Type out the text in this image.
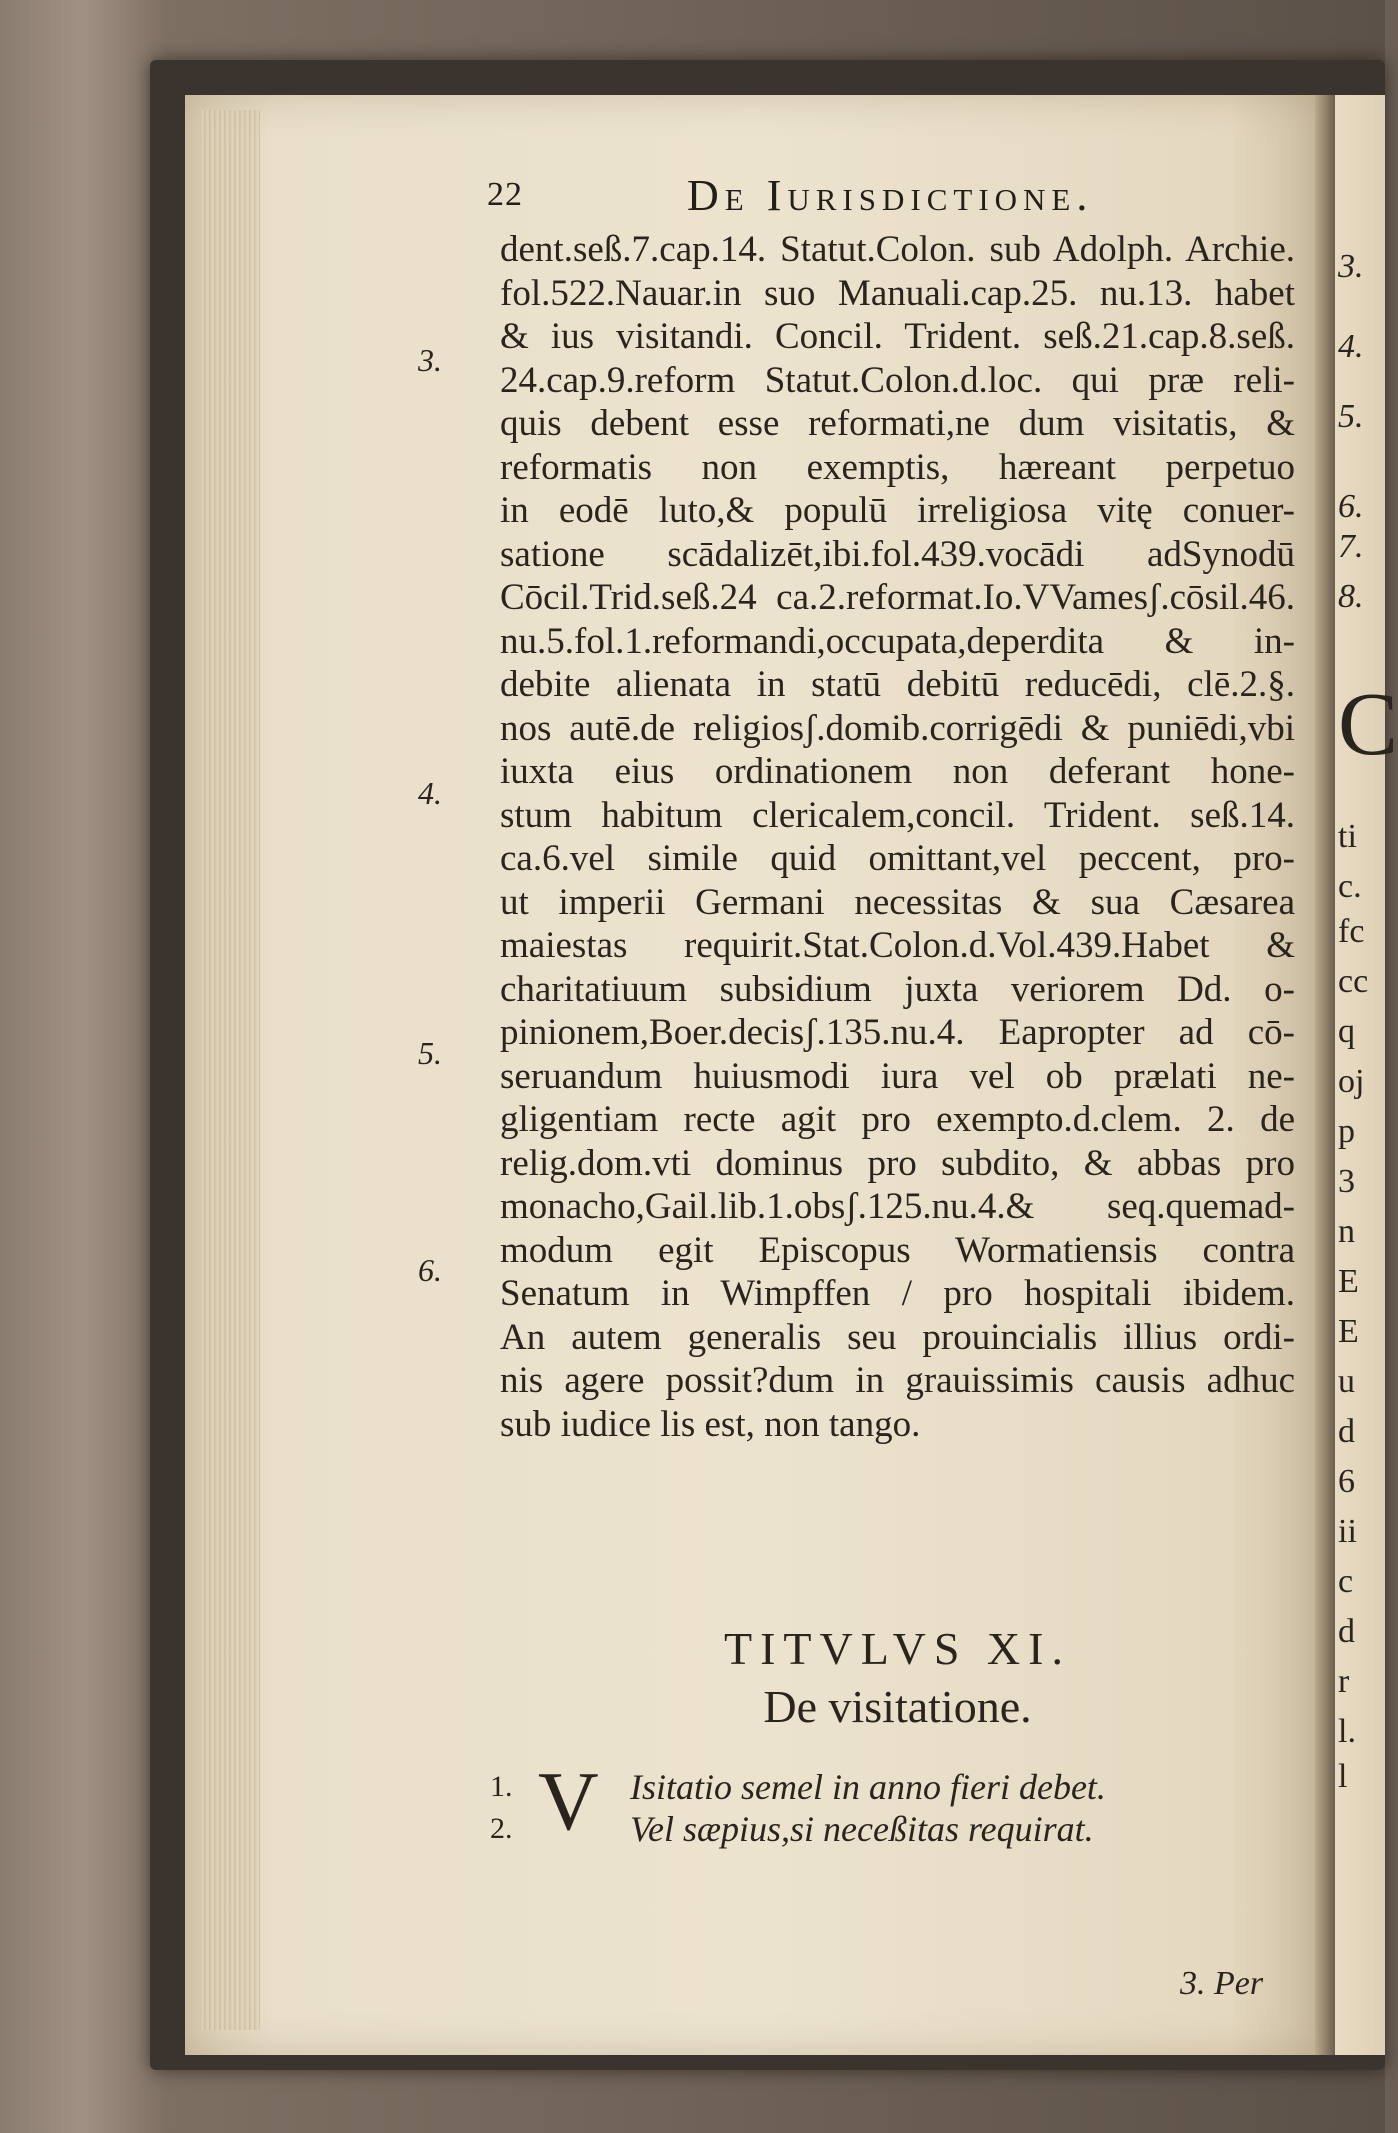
3.
4.
5.
6.
7.
8.
C
ti
c.
fc
cc
q
oj
p
3
n
E
E
u
d
6
ii
c
d
r
l.
l
22	De Iurisdictione.
3.
4.
5.
6.
dent.seß.7.cap.14. Statut.Colon. sub Adolph. Archie.
fol.522.Nauar.in suo Manuali.cap.25. nu.13. habet
& ius visitandi. Concil. Trident. seß.21.cap.8.seß.
24.cap.9.reform Statut.Colon.d.loc. qui præ reli-
quis debent esse reformati,ne dum visitatis, &
reformatis non exemptis, hæreant perpetuo
in eodē luto,& populū irreligiosa vitę conuer-
satione scādalizēt,ibi.fol.439.vocādi adSynodū
Cōcil.Trid.seß.24 ca.2.reformat.Io.VVamesʃ.cōsil.46.
nu.5.fol.1.reformandi,occupata,deperdita & in-
debite alienata in statū debitū reducēdi, clē.2.§.
nos autē.de religiosʃ.domib.corrigēdi & puniēdi,vbi
iuxta eius ordinationem non deferant hone-
stum habitum clericalem,concil. Trident. seß.14.
ca.6.vel simile quid omittant,vel peccent, pro-
ut imperii Germani necessitas & sua Cæsarea
maiestas requirit.Stat.Colon.d.Vol.439.Habet &
charitatiuum subsidium juxta veriorem Dd. o-
pinionem,Boer.decisʃ.135.nu.4. Eapropter ad cō-
seruandum huiusmodi iura vel ob prælati ne-
gligentiam recte agit pro exempto.d.clem. 2. de
relig.dom.vti dominus pro subdito, & abbas pro
monacho,Gail.lib.1.obsʃ.125.nu.4.& seq.quemad-
modum egit Episcopus Wormatiensis contra
Senatum in Wimpffen / pro hospitali ibidem.
An autem generalis seu prouincialis illius ordi-
nis agere possit?dum in grauissimis causis adhuc
sub iudice lis est, non tango.
TITVLVS XI.
De visitatione.
V
1.	Isitatio semel in anno fieri debet.
2.	Vel sæpius,si neceßitas requirat.
3. Per
